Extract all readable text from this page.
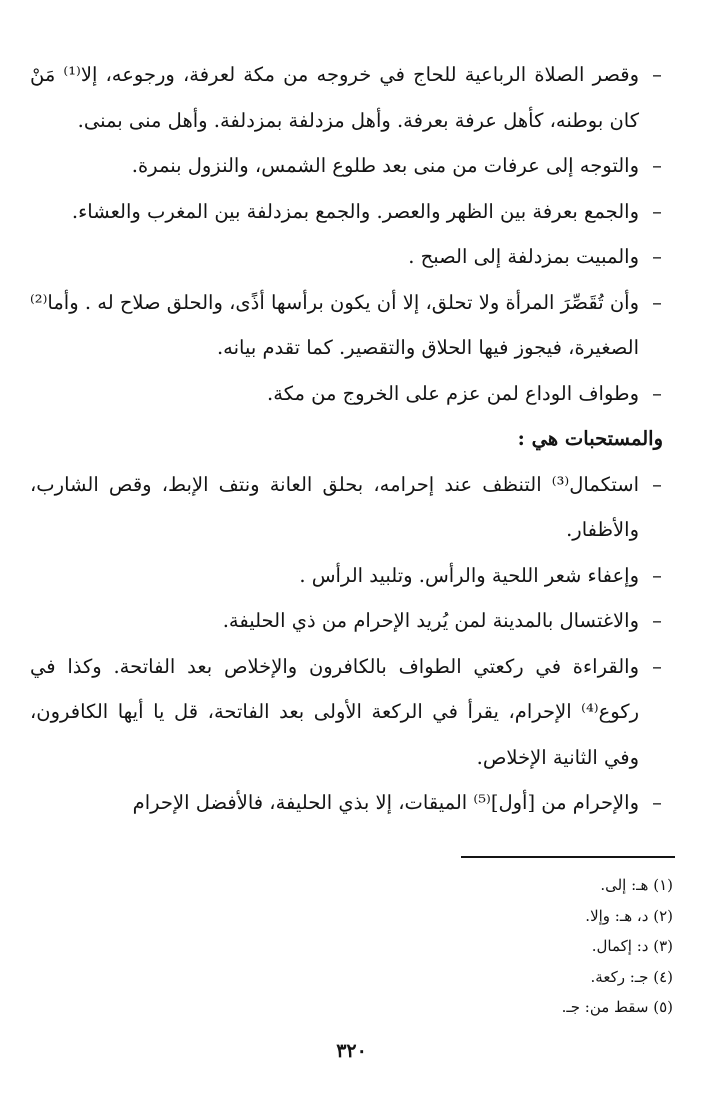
–
وقصر الصلاة الرباعية للحاج في خروجه من مكة لعرفة، ورجوعه، إلا⁽¹⁾ مَنْ كان بوطنه، كأهل عرفة بعرفة. وأهل مزدلفة بمزدلفة. وأهل منى بمنى.
–
والتوجه إلى عرفات من منى بعد طلوع الشمس، والنزول بنمرة.
–
والجمع بعرفة بين الظهر والعصر. والجمع بمزدلفة بين المغرب والعشاء.
–
والمبيت بمزدلفة إلى الصبح .
–
وأن تُقَصِّرَ المرأة ولا تحلق، إلا أن يكون برأسها أذًى، والحلق صلاح له . وأما⁽²⁾ الصغيرة، فيجوز فيها الحلاق والتقصير. كما تقدم بيانه.
–
وطواف الوداع لمن عزم على الخروج من مكة.
والمستحبات هي :
–
استكمال⁽³⁾ التنظف عند إحرامه، بحلق العانة ونتف الإبط، وقص الشارب، والأظفار.
–
وإعفاء شعر اللحية والرأس. وتلبيد الرأس .
–
والاغتسال بالمدينة لمن يُريد الإحرام من ذي الحليفة.
–
والقراءة في ركعتي الطواف بالكافرون والإخلاص بعد الفاتحة. وكذا في ركوع⁽⁴⁾ الإحرام، يقرأ في الركعة الأولى بعد الفاتحة، قل يا أيها الكافرون، وفي الثانية الإخلاص.
–
والإحرام من [أول]⁽⁵⁾ الميقات، إلا بذي الحليفة، فالأفضل الإحرام
(١) هـ: إلى.
(٢) د، هـ: وإلا.
(٣) د: إكمال.
(٤) جـ: ركعة.
(٥) سقط من: جـ.
٣٢٠
